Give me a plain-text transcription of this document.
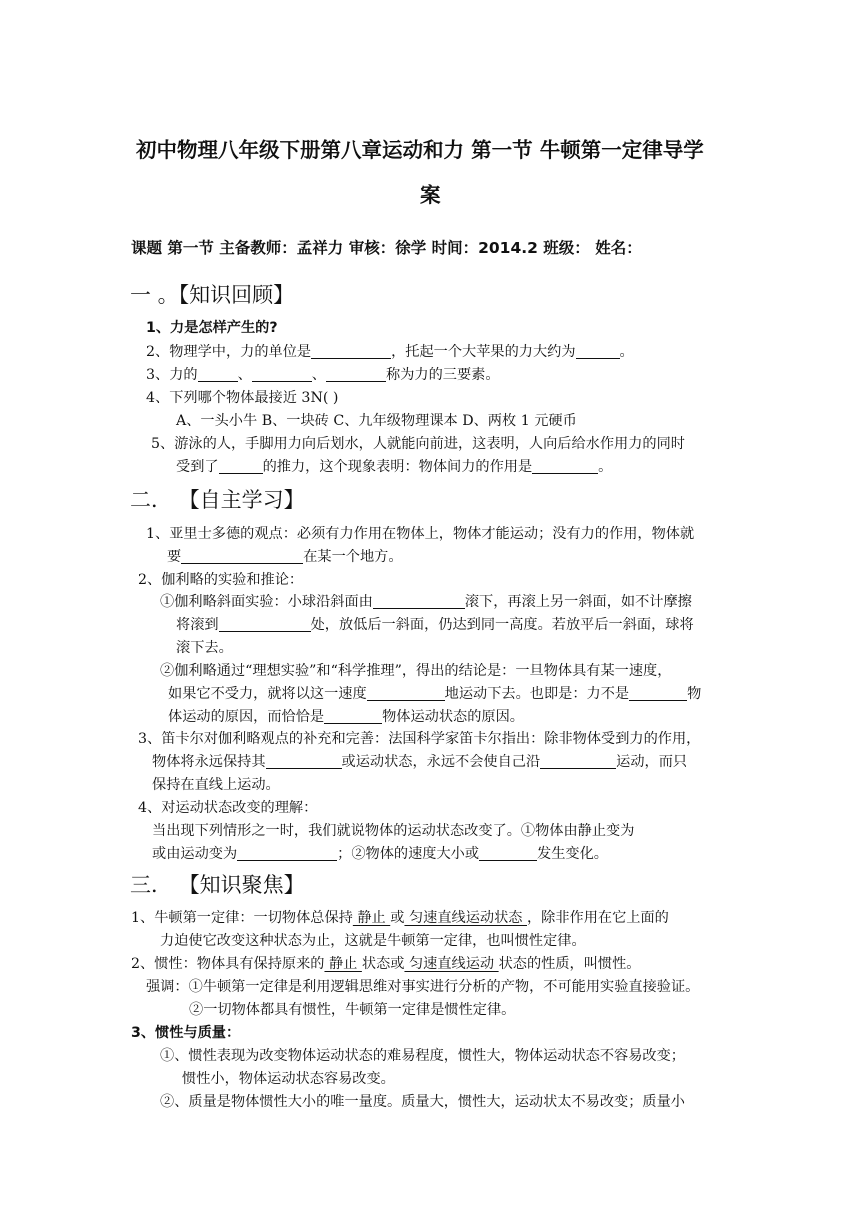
初中物理八年级下册第八章运动和力 第一节 牛顿第一定律导学
案
课题 第一节 主备教师：孟祥力 审核：徐学 时间：2014.2 班级： 姓名：
一 。【知识回顾】
1、力是怎样产生的?
2、物理学中，力的单位是	，托起一个大苹果的力大约为	。
3、力的	、	、	称为力的三要素。
4、下列哪个物体最接近 3N( )
A、一头小牛 B、一块砖 C、九年级物理课本 D、两枚 1 元硬币
5、游泳的人，手脚用力向后划水，人就能向前进，这表明，人向后给水作用力的同时
受到了	的推力，这个现象表明：物体间力的作用是	。
二． 【自主学习】
1、亚里士多德的观点：必须有力作用在物体上，物体才能运动；没有力的作用，物体就
要	在某一个地方。
2、伽利略的实验和推论：
①伽利略斜面实验：小球沿斜面由	滚下，再滚上另一斜面，如不计摩擦
将滚到	处，放低后一斜面，仍达到同一高度。若放平后一斜面，球将
滚下去。
②伽利略通过“理想实验”和“科学推理”，得出的结论是：一旦物体具有某一速度，
如果它不受力，就将以这一速度	地运动下去。也即是：力不是	物
体运动的原因，而恰恰是	物体运动状态的原因。
3、笛卡尔对伽利略观点的补充和完善：法国科学家笛卡尔指出：除非物体受到力的作用，
物体将永远保持其	或运动状态，永远不会使自己沿	运动，而只
保持在直线上运动。
4、对运动状态改变的理解：
当出现下列情形之一时，我们就说物体的运动状态改变了。①物体由静止变为
或由运动变为	；②物体的速度大小或	发生变化。
三． 【知识聚焦】
1、牛顿第一定律：一切物体总保持 静止 或 匀速直线运动状态 ，除非作用在它上面的
力迫使它改变这种状态为止，这就是牛顿第一定律，也叫惯性定律。
2、惯性：物体具有保持原来的 静止 状态或 匀速直线运动 状态的性质，叫惯性。
强调：①牛顿第一定律是利用逻辑思维对事实进行分析的产物，不可能用实验直接验证。
②一切物体都具有惯性，牛顿第一定律是惯性定律。
3、惯性与质量：
①、惯性表现为改变物体运动状态的难易程度，惯性大，物体运动状态不容易改变；
惯性小，物体运动状态容易改变。
②、质量是物体惯性大小的唯一量度。质量大，惯性大，运动状太不易改变；质量小
